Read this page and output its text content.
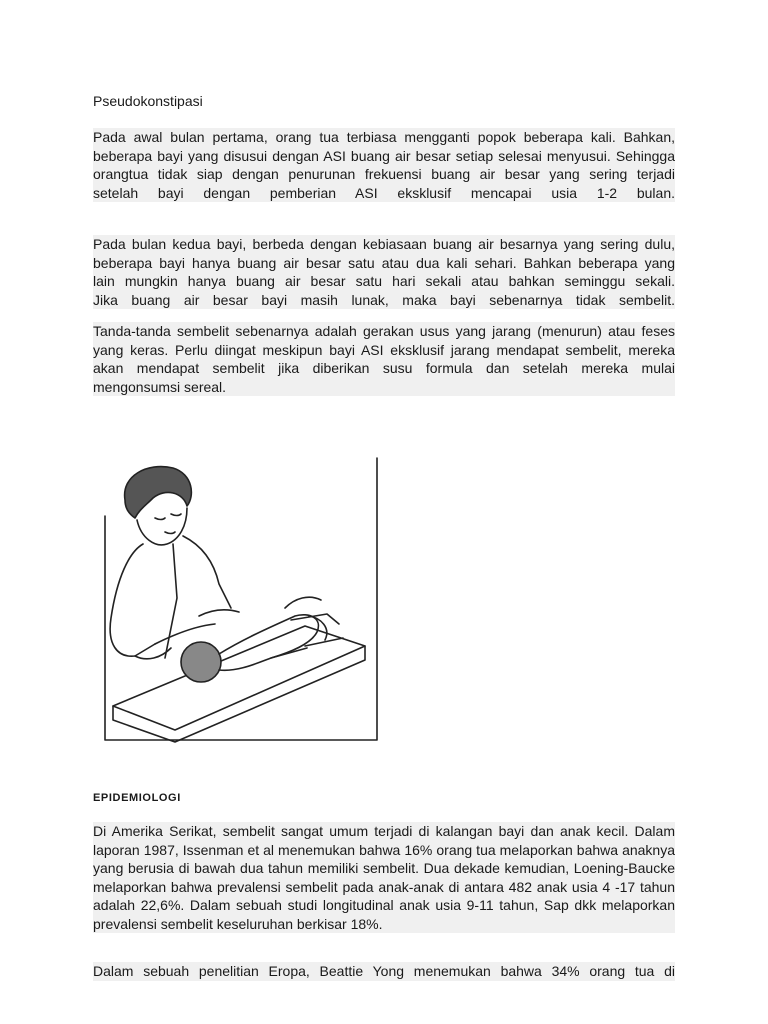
Pseudokonstipasi
Pada awal bulan pertama, orang tua terbiasa mengganti popok beberapa kali. Bahkan,
beberapa bayi yang disusui dengan ASI buang air besar setiap selesai menyusui. Sehingga
orangtua tidak siap dengan penurunan frekuensi buang air besar yang sering terjadi
setelah bayi dengan pemberian ASI eksklusif mencapai usia 1-2 bulan.
Pada bulan kedua bayi, berbeda dengan kebiasaan buang air besarnya yang sering dulu,
beberapa bayi hanya buang air besar satu atau dua kali sehari. Bahkan beberapa yang
lain mungkin hanya buang air besar satu hari sekali atau bahkan seminggu sekali.
Jika buang air besar bayi masih lunak, maka bayi sebenarnya tidak sembelit.
Tanda-tanda sembelit sebenarnya adalah gerakan usus yang jarang (menurun) atau feses
yang keras. Perlu diingat meskipun bayi ASI eksklusif jarang mendapat sembelit, mereka
akan mendapat sembelit jika diberikan susu formula dan setelah mereka mulai
mengonsumsi sereal.
EPIDEMIOLOGI
Di Amerika Serikat, sembelit sangat umum terjadi di kalangan bayi dan anak kecil. Dalam
laporan 1987, Issenman et al menemukan bahwa 16% orang tua melaporkan bahwa anaknya
yang berusia di bawah dua tahun memiliki sembelit. Dua dekade kemudian, Loening-Baucke
melaporkan bahwa prevalensi sembelit pada anak-anak di antara 482 anak usia 4 -17 tahun
adalah 22,6%. Dalam sebuah studi longitudinal anak usia 9-11 tahun, Sap dkk melaporkan
prevalensi sembelit keseluruhan berkisar 18%.
Dalam sebuah penelitian Eropa, Beattie Yong menemukan bahwa 34% orang tua di
